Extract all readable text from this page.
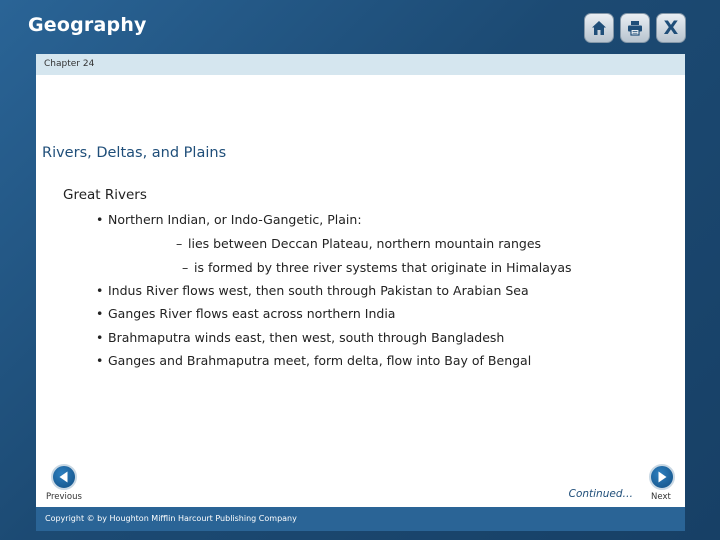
Geography	X
Chapter 24
Rivers, Deltas, and Plains
Great Rivers
• Northern Indian, or Indo-Gangetic, Plain:
– lies between Deccan Plateau, northern mountain ranges
– is formed by three river systems that originate in Himalayas
• Indus River flows west, then south through Pakistan to Arabian Sea
• Ganges River flows east across northern India
• Brahmaputra winds east, then west, south through Bangladesh
• Ganges and Brahmaputra meet, form delta, flow into Bay of Bengal
Previous	Continued… Next
Copyright © by Houghton Mifflin Harcourt Publishing Company
